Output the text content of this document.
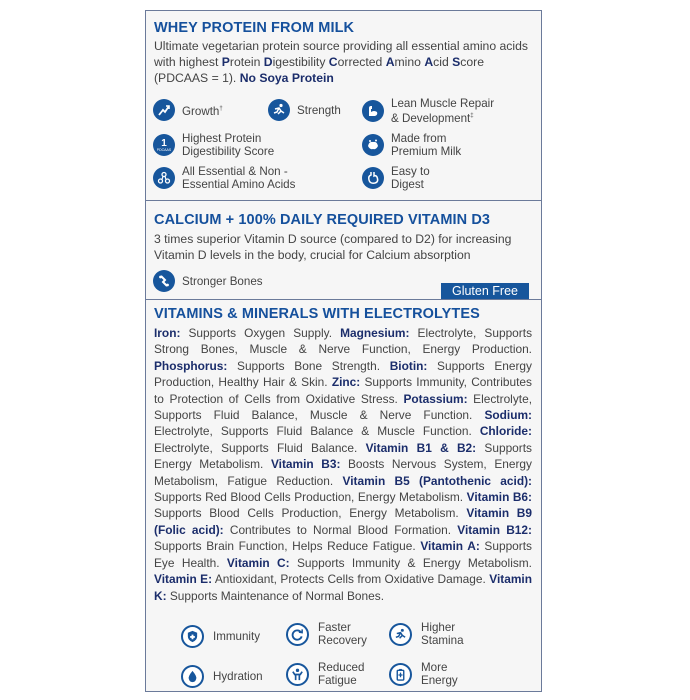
WHEY PROTEIN FROM MILK
Ultimate vegetarian protein source providing all essential amino acids with highest Protein Digestibility Corrected Amino Acid Score (PDCAAS = 1). No Soya Protein
Growth†	Strength	Lean Muscle Repair
& Development‡
1
PDCAAS
Highest Protein
Digestibility Score
Made from
Premium Milk
All Essential & Non -
Essential Amino Acids
Easy to
Digest
CALCIUM + 100% DAILY REQUIRED VITAMIN D3
3 times superior Vitamin D source (compared to D2) for increasing Vitamin D levels in the body, crucial for Calcium absorption
Stronger Bones
Gluten Free
VITAMINS & MINERALS WITH ELECTROLYTES
Iron: Supports Oxygen Supply. Magnesium: Electrolyte, Supports Strong Bones, Muscle & Nerve Function, Energy Production. Phosphorus: Supports Bone Strength. Biotin: Supports Energy Production, Healthy Hair & Skin. Zinc: Supports Immunity, Contributes to Protection of Cells from Oxidative Stress. Potassium: Electrolyte, Supports Fluid Balance, Muscle & Nerve Function. Sodium: Electrolyte, Supports Fluid Balance & Muscle Function. Chloride: Electrolyte, Supports Fluid Balance. Vitamin B1 & B2: Supports Energy Metabolism. Vitamin B3: Boosts Nervous System, Energy Metabolism, Fatigue Reduction. Vitamin B5 (Pantothenic acid): Supports Red Blood Cells Production, Energy Metabolism. Vitamin B6: Supports Blood Cells Production, Energy Metabolism. Vitamin B9 (Folic acid): Contributes to Normal Blood Formation. Vitamin B12: Supports Brain Function, Helps Reduce Fatigue. Vitamin A: Supports Eye Health. Vitamin C: Supports Immunity & Energy Metabolism. Vitamin E: Antioxidant, Protects Cells from Oxidative Damage. Vitamin K: Supports Maintenance of Normal Bones.
Immunity
Faster
Recovery
Higher
Stamina
Hydration
Reduced
Fatigue
More
Energy
